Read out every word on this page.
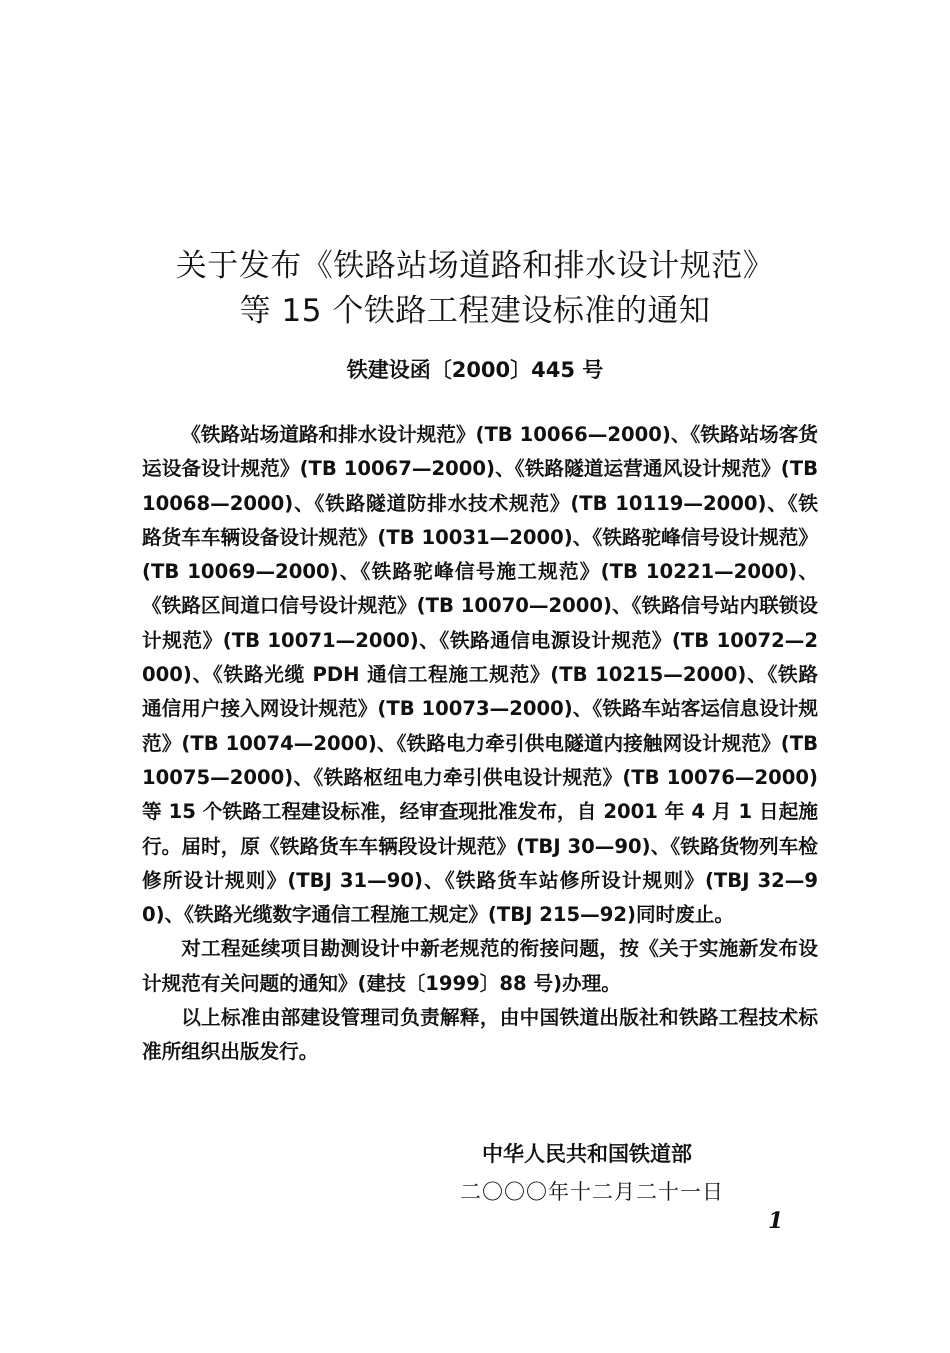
关于发布《铁路站场道路和排水设计规范》
等 15 个铁路工程建设标准的通知
铁建设函〔2000〕445 号

《铁路站场道路和排水设计规范》(TB 10066—2000)、《铁路站场客货运设备设计规范》(TB 10067—2000)、《铁路隧道运营通风设计规范》(TB 10068—2000)、《铁路隧道防排水技术规范》(TB 10119—2000)、《铁路货车车辆设备设计规范》(TB 10031—2000)、《铁路驼峰信号设计规范》(TB 10069—2000)、《铁路驼峰信号施工规范》(TB 10221—2000)、《铁路区间道口信号设计规范》(TB 10070—2000)、《铁路信号站内联锁设计规范》(TB 10071—2000)、《铁路通信电源设计规范》(TB 10072—2000)、《铁路光缆 PDH 通信工程施工规范》(TB 10215—2000)、《铁路通信用户接入网设计规范》(TB 10073—2000)、《铁路车站客运信息设计规范》(TB 10074—2000)、《铁路电力牵引供电隧道内接触网设计规范》(TB 10075—2000)、《铁路枢纽电力牵引供电设计规范》(TB 10076—2000)等 15 个铁路工程建设标准，经审查现批准发布，自 2001 年 4 月 1 日起施行。届时，原《铁路货车车辆段设计规范》(TBJ 30—90)、《铁路货物列车检修所设计规则》(TBJ 31—90)、《铁路货车站修所设计规则》(TBJ 32—90)、《铁路光缆数字通信工程施工规定》(TBJ 215—92)同时废止。

对工程延续项目勘测设计中新老规范的衔接问题，按《关于实施新发布设计规范有关问题的通知》(建技〔1999〕88 号)办理。

以上标准由部建设管理司负责解释，由中国铁道出版社和铁路工程技术标准所组织出版发行。

中华人民共和国铁道部
二〇〇〇年十二月二十一日
1
